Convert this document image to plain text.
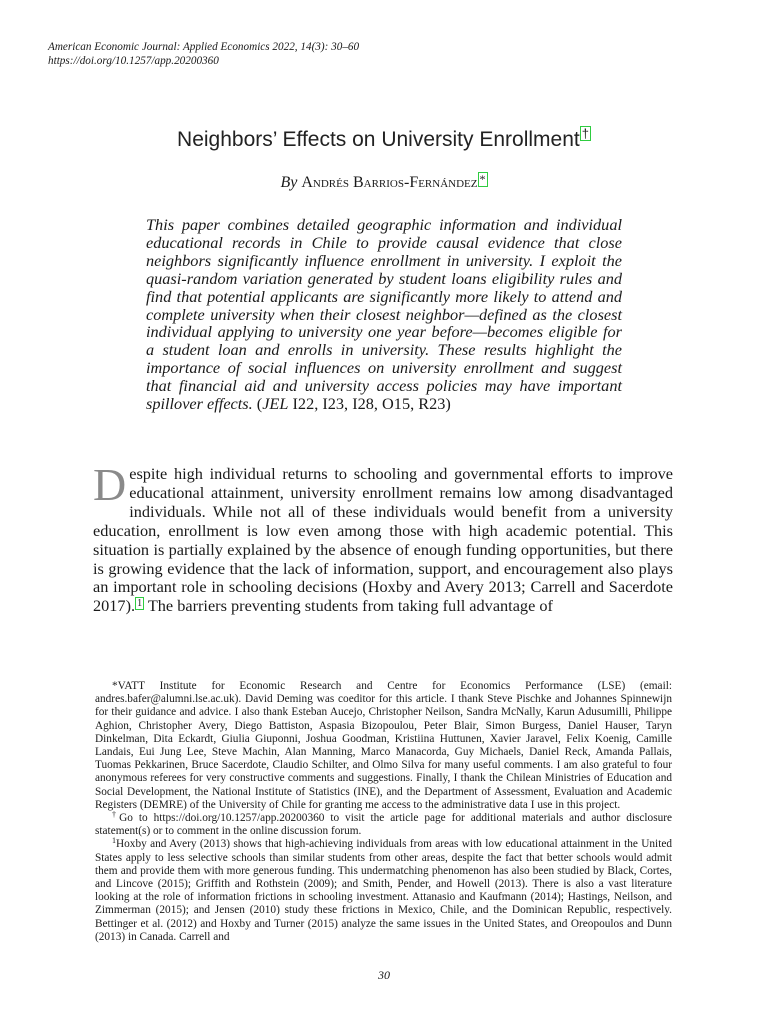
American Economic Journal: Applied Economics 2022, 14(3): 30–60
https://doi.org/10.1257/app.20200360
Neighbors’ Effects on University Enrollment †
By Andrés Barrios-Fernández *

This paper combines detailed geographic information and individual educational records in Chile to provide causal evidence that close neighbors significantly influence enrollment in university. I exploit the quasi-random variation generated by student loans eligibility rules and find that potential applicants are significantly more likely to attend and complete university when their closest neighbor—defined as the closest individual applying to university one year before—becomes eligible for a student loan and enrolls in university. These results highlight the importance of social influences on university enrollment and suggest that financial aid and university access policies may have important spillover effects. (JEL I22, I23, I28, O15, R23)

Despite high individual returns to schooling and governmental efforts to improve educational attainment, university enrollment remains low among disadvantaged individuals. While not all of these individuals would benefit from a university education, enrollment is low even among those with high academic potential. This situation is partially explained by the absence of enough funding opportunities, but there is growing evidence that the lack of information, support, and encouragement also plays an important role in schooling decisions (Hoxby and Avery 2013; Carrell and Sacerdote 2017). 1 The barriers preventing students from taking full advantage of

*VATT Institute for Economic Research and Centre for Economics Performance (LSE) (email: andres.bafer@alumni.lse.ac.uk). David Deming was coeditor for this article. I thank Steve Pischke and Johannes Spinnewijn for their guidance and advice. I also thank Esteban Aucejo, Christopher Neilson, Sandra McNally, Karun Adusumilli, Philippe Aghion, Christopher Avery, Diego Battiston, Aspasia Bizopoulou, Peter Blair, Simon Burgess, Daniel Hauser, Taryn Dinkelman, Dita Eckardt, Giulia Giuponni, Joshua Goodman, Kristiina Huttunen, Xavier Jaravel, Felix Koenig, Camille Landais, Eui Jung Lee, Steve Machin, Alan Manning, Marco Manacorda, Guy Michaels, Daniel Reck, Amanda Pallais, Tuomas Pekkarinen, Bruce Sacerdote, Claudio Schilter, and Olmo Silva for many useful comments. I am also grateful to four anonymous referees for very constructive comments and suggestions. Finally, I thank the Chilean Ministries of Education and Social Development, the National Institute of Statistics (INE), and the Department of Assessment, Evaluation and Academic Registers (DEMRE) of the University of Chile for granting me access to the administrative data I use in this project.

†Go to https://doi.org/10.1257/app.20200360 to visit the article page for additional materials and author disclosure statement(s) or to comment in the online discussion forum.

$^1$Hoxby and Avery (2013) shows that high-achieving individuals from areas with low educational attainment in the United States apply to less selective schools than similar students from other areas, despite the fact that better schools would admit them and provide them with more generous funding. This undermatching phenomenon has also been studied by Black, Cortes, and Lincove (2015); Griffith and Rothstein (2009); and Smith, Pender, and Howell (2013). There is also a vast literature looking at the role of information frictions in schooling investment. Attanasio and Kaufmann (2014); Hastings, Neilson, and Zimmerman (2015); and Jensen (2010) study these frictions in Mexico, Chile, and the Dominican Republic, respectively. Bettinger et al. (2012) and Hoxby and Turner (2015) analyze the same issues in the United States, and Oreopoulos and Dunn (2013) in Canada. Carrell and

30
